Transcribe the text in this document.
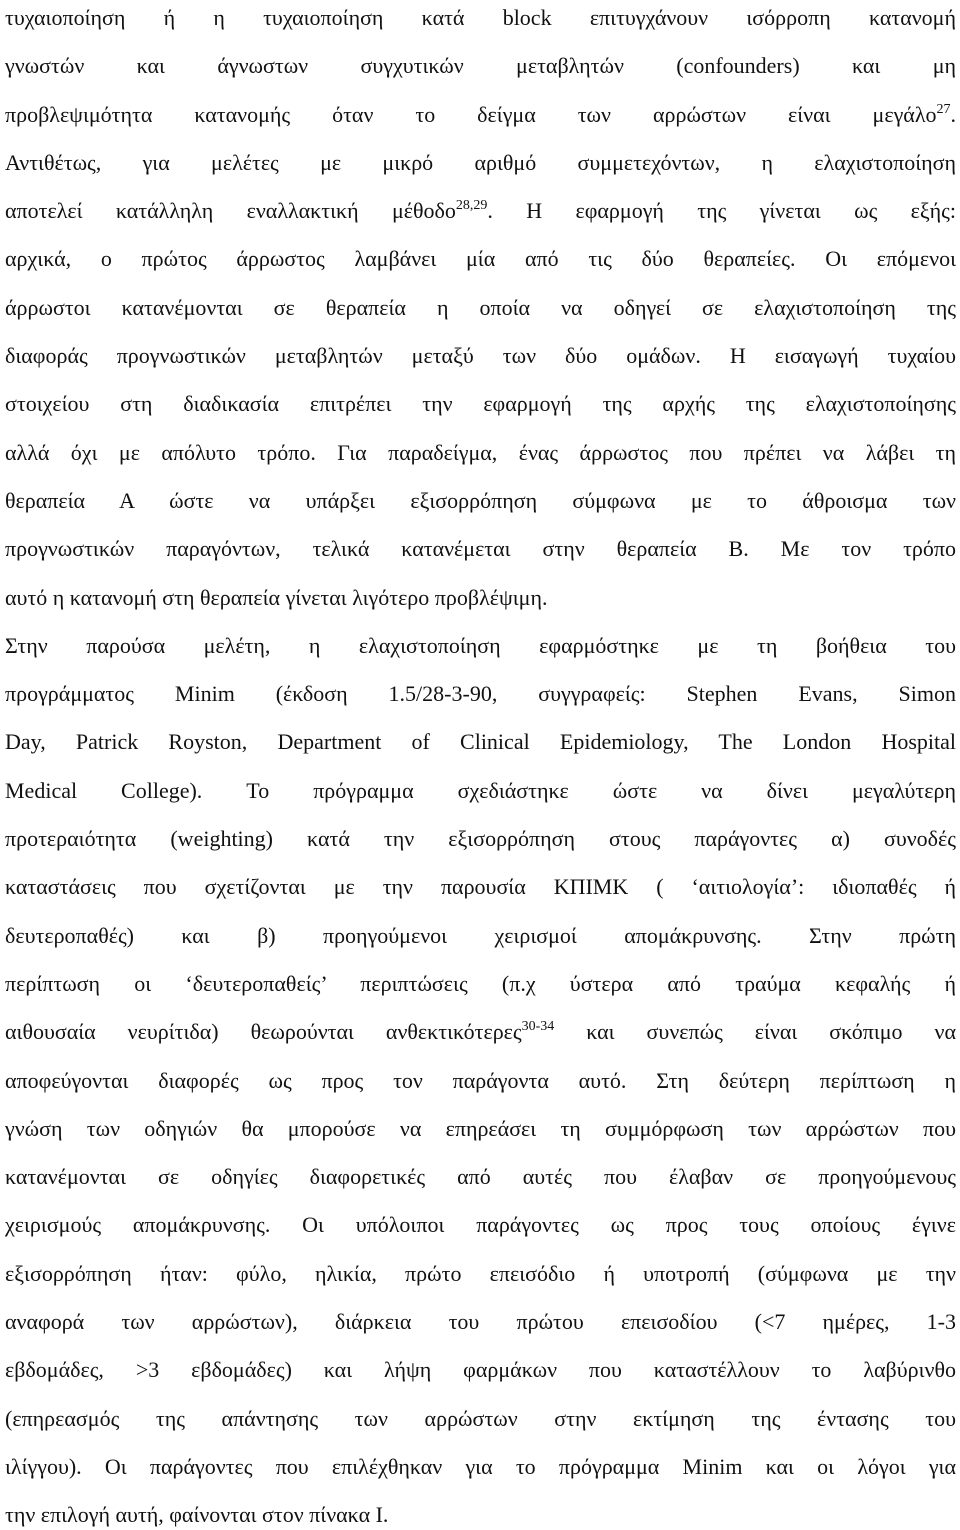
τυχαιοποίηση ή η τυχαιοποίηση κατά block επιτυγχάνουν ισόρροπη κατανομή
γνωστών και άγνωστων συγχυτικών μεταβλητών (confounders) και μη
προβλεψιμότητα κατανομής όταν το δείγμα των αρρώστων είναι μεγάλο$^{27}$.
Αντιθέτως, για μελέτες με μικρό αριθμό συμμετεχόντων, η ελαχιστοποίηση
αποτελεί κατάλληλη εναλλακτική μέθοδο$^{28,29}$. Η εφαρμογή της γίνεται ως εξής:
αρχικά, ο πρώτος άρρωστος λαμβάνει μία από τις δύο θεραπείες. Οι επόμενοι
άρρωστοι κατανέμονται σε θεραπεία η οποία να οδηγεί σε ελαχιστοποίηση της
διαφοράς προγνωστικών μεταβλητών μεταξύ των δύο ομάδων. Η εισαγωγή τυχαίου
στοιχείου στη διαδικασία επιτρέπει την εφαρμογή της αρχής της ελαχιστοποίησης
αλλά όχι με απόλυτο τρόπο. Για παραδείγμα, ένας άρρωστος που πρέπει να λάβει τη
θεραπεία Α ώστε να υπάρξει εξισορρόπηση σύμφωνα με το άθροισμα των
προγνωστικών παραγόντων, τελικά κατανέμεται στην θεραπεία Β. Με τον τρόπο
αυτό η κατανομή στη θεραπεία γίνεται λιγότερο προβλέψιμη.
Στην παρούσα μελέτη, η ελαχιστοποίηση εφαρμόστηκε με τη βοήθεια του
προγράμματος Minim (έκδοση 1.5/28-3-90, συγγραφείς: Stephen Evans, Simon
Day, Patrick Royston, Department of Clinical Epidemiology, The London Hospital
Medical College). Το πρόγραμμα σχεδιάστηκε ώστε να δίνει μεγαλύτερη
προτεραιότητα (weighting) κατά την εξισορρόπηση στους παράγοντες α) συνοδές
καταστάσεις που σχετίζονται με την παρουσία ΚΠΙΜΚ ( ‘αιτιολογία’: ιδιοπαθές ή
δευτεροπαθές) και β) προηγούμενοι χειρισμοί απομάκρυνσης. Στην πρώτη
περίπτωση οι ‘δευτεροπαθείς’ περιπτώσεις (π.χ ύστερα από τραύμα κεφαλής ή
αιθουσαία νευρίτιδα) θεωρούνται ανθεκτικότερες$^{30-34}$ και συνεπώς είναι σκόπιμο να
αποφεύγονται διαφορές ως προς τον παράγοντα αυτό. Στη δεύτερη περίπτωση η
γνώση των οδηγιών θα μπορούσε να επηρεάσει τη συμμόρφωση των αρρώστων που
κατανέμονται σε οδηγίες διαφορετικές από αυτές που έλαβαν σε προηγούμενους
χειρισμούς απομάκρυνσης. Οι υπόλοιποι παράγοντες ως προς τους οποίους έγινε
εξισορρόπηση ήταν: φύλο, ηλικία, πρώτο επεισόδιο ή υποτροπή (σύμφωνα με την
αναφορά των αρρώστων), διάρκεια του πρώτου επεισοδίου (<7 ημέρες, 1-3
εβδομάδες, >3 εβδομάδες) και λήψη φαρμάκων που καταστέλλουν το λαβύρινθο
(επηρεασμός της απάντησης των αρρώστων στην εκτίμηση της έντασης του
ιλίγγου). Οι παράγοντες που επιλέχθηκαν για το πρόγραμμα Minim και οι λόγοι για
την επιλογή αυτή, φαίνονται στον πίνακα Ι.
